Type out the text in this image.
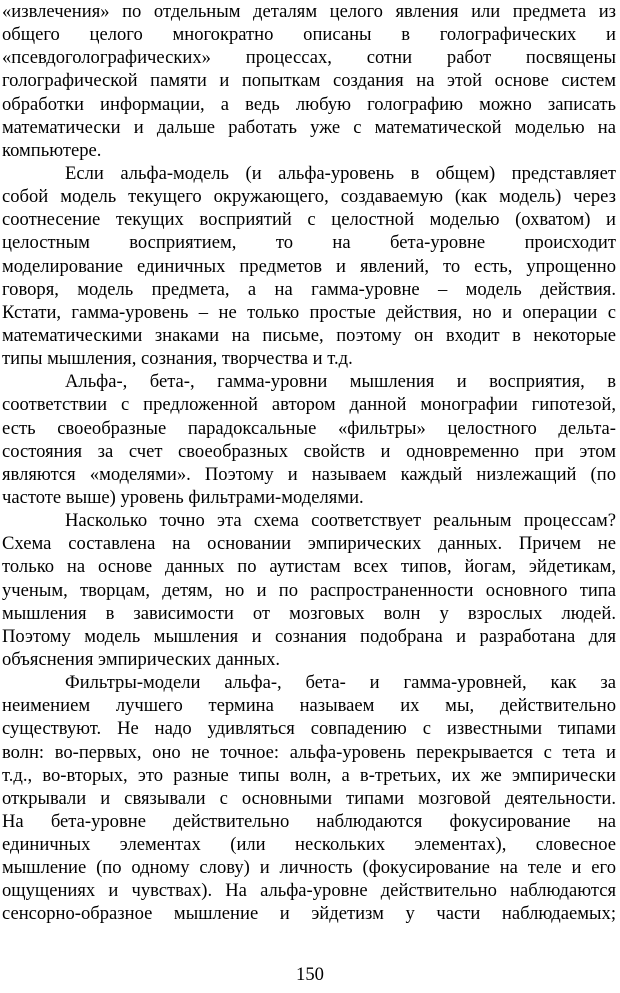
«извлечения» по отдельным деталям целого явления или предмета из
общего целого многократно описаны в голографических и
«псевдоголографических» процессах, сотни работ посвящены
голографической памяти и попыткам создания на этой основе систем
обработки информации, а ведь любую голографию можно записать
математически и дальше работать уже с математической моделью на
компьютере.
Если альфа-модель (и альфа-уровень в общем) представляет
собой модель текущего окружающего, создаваемую (как модель) через
соотнесение текущих восприятий с целостной моделью (охватом) и
целостным восприятием, то на бета-уровне происходит
моделирование единичных предметов и явлений, то есть, упрощенно
говоря, модель предмета, а на гамма-уровне – модель действия.
Кстати, гамма-уровень – не только простые действия, но и операции с
математическими знаками на письме, поэтому он входит в некоторые
типы мышления, сознания, творчества и т.д.
Альфа-, бета-, гамма-уровни мышления и восприятия, в
соответствии с предложенной автором данной монографии гипотезой,
есть своеобразные парадоксальные «фильтры» целостного дельта-
состояния за счет своеобразных свойств и одновременно при этом
являются «моделями». Поэтому и называем каждый низлежащий (по
частоте выше) уровень фильтрами-моделями.
Насколько точно эта схема соответствует реальным процессам?
Схема составлена на основании эмпирических данных. Причем не
только на основе данных по аутистам всех типов, йогам, эйдетикам,
ученым, творцам, детям, но и по распространенности основного типа
мышления в зависимости от мозговых волн у взрослых людей.
Поэтому модель мышления и сознания подобрана и разработана для
объяснения эмпирических данных.
Фильтры-модели альфа-, бета- и гамма-уровней, как за
неимением лучшего термина называем их мы, действительно
существуют. Не надо удивляться совпадению с известными типами
волн: во-первых, оно не точное: альфа-уровень перекрывается с тета и
т.д., во-вторых, это разные типы волн, а в-третьих, их же эмпирически
открывали и связывали с основными типами мозговой деятельности.
На бета-уровне действительно наблюдаются фокусирование на
единичных элементах (или нескольких элементах), словесное
мышление (по одному слову) и личность (фокусирование на теле и его
ощущениях и чувствах). На альфа-уровне действительно наблюдаются
сенсорно-образное мышление и эйдетизм у части наблюдаемых;
150
